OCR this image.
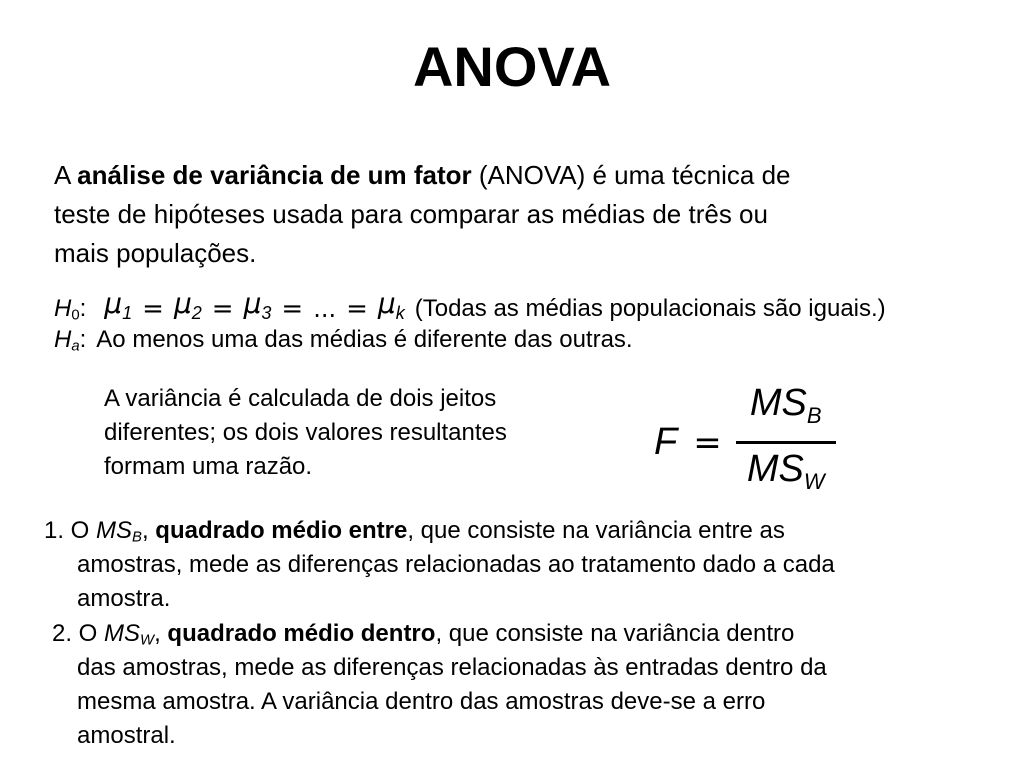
ANOVA
A análise de variância de um fator (ANOVA) é uma técnica de
teste de hipóteses usada para comparar as médias de três ou
mais populações.
$H_0$ : $\mu_1 = \mu_2 = \mu_3$ = ... = $\mu_k$ (Todas as médias populacionais são iguais.)
$H_a$: Ao menos uma das médias é diferente das outras.
A variância é calculada de dois jeitos
diferentes; os dois valores resultantes
formam uma razão.
$F = \frac{MS_B}{MS_W}$
1. O $MS_B$, quadrado médio entre, que consiste na variância entre as
amostras, mede as diferenças relacionadas ao tratamento dado a cada
amostra.
2. O $MS_W$, quadrado médio dentro, que consiste na variância dentro
das amostras, mede as diferenças relacionadas às entradas dentro da
mesma amostra. A variância dentro das amostras deve-se a erro
amostral.
